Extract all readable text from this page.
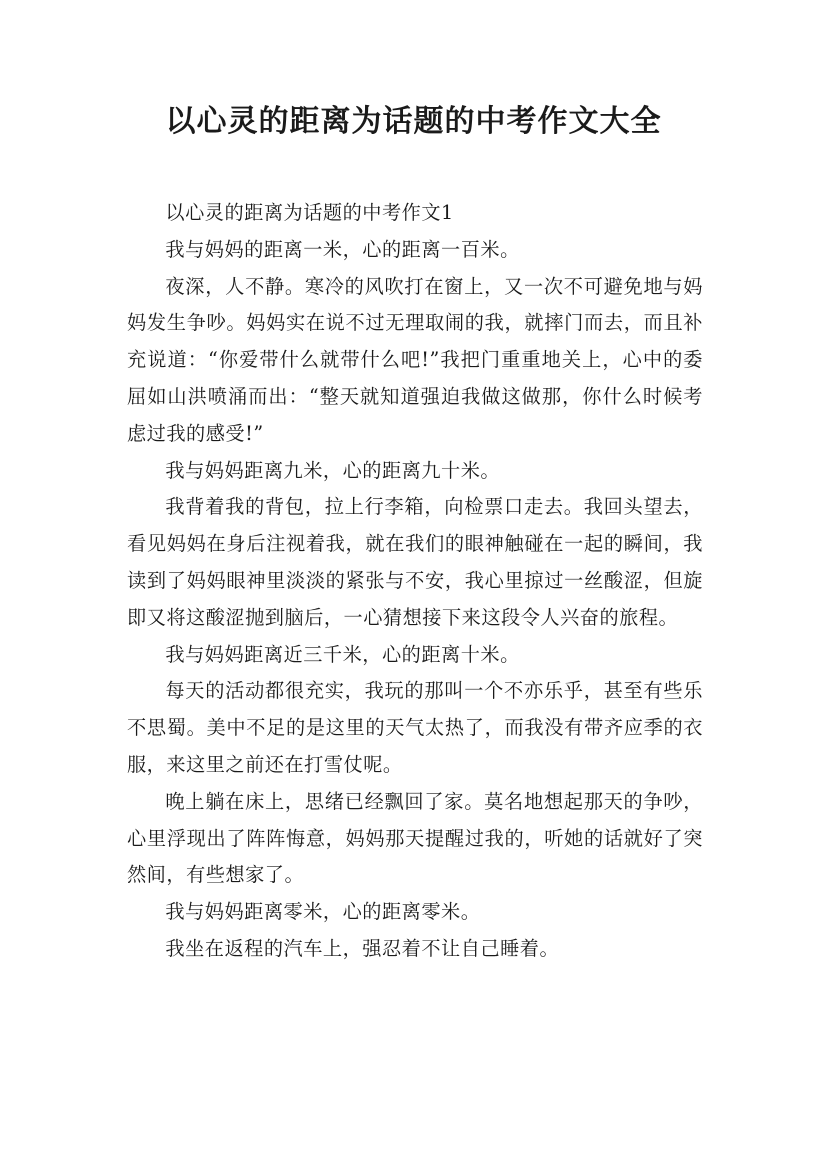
以心灵的距离为话题的中考作文大全

以心灵的距离为话题的中考作文1

我与妈妈的距离一米，心的距离一百米。

夜深，人不静。寒冷的风吹打在窗上，又一次不可避免地与妈妈发生争吵。妈妈实在说不过无理取闹的我，就摔门而去，而且补充说道：“你爱带什么就带什么吧!”我把门重重地关上，心中的委屈如山洪喷涌而出：“整天就知道强迫我做这做那，你什么时候考虑过我的感受!”

我与妈妈距离九米，心的距离九十米。

我背着我的背包，拉上行李箱，向检票口走去。我回头望去，看见妈妈在身后注视着我，就在我们的眼神触碰在一起的瞬间，我读到了妈妈眼神里淡淡的紧张与不安，我心里掠过一丝酸涩，但旋即又将这酸涩抛到脑后，一心猜想接下来这段令人兴奋的旅程。

我与妈妈距离近三千米，心的距离十米。

每天的活动都很充实，我玩的那叫一个不亦乐乎，甚至有些乐不思蜀。美中不足的是这里的天气太热了，而我没有带齐应季的衣服，来这里之前还在打雪仗呢。

晚上躺在床上，思绪已经飘回了家。莫名地想起那天的争吵，心里浮现出了阵阵悔意，妈妈那天提醒过我的，听她的话就好了突然间，有些想家了。

我与妈妈距离零米，心的距离零米。

我坐在返程的汽车上，强忍着不让自己睡着。
